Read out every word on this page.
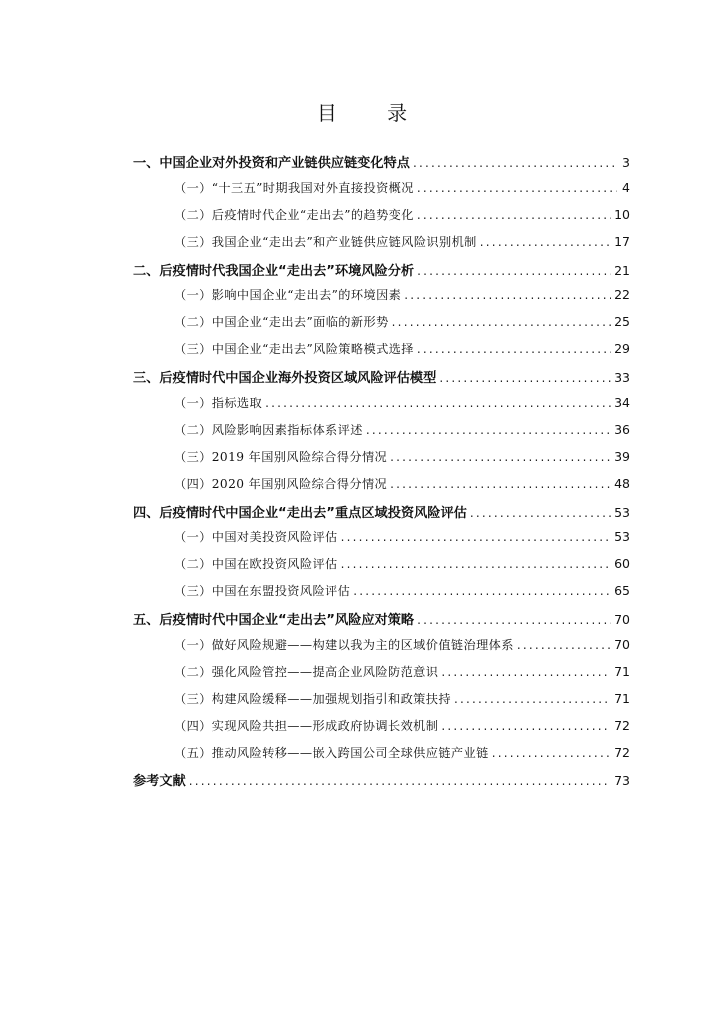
目 录
一、中国企业对外投资和产业链供应链变化特点 .....	3
（一）“十三五”时期我国对外直接投资概况 .....	4
（二）后疫情时代企业“走出去”的趋势变化 .....	10
（三）我国企业“走出去”和产业链供应链风险识别机制 .....	17
二、后疫情时代我国企业“走出去”环境风险分析 .....	21
（一）影响中国企业“走出去”的环境因素 .....	22
（二）中国企业“走出去”面临的新形势 .....	25
（三）中国企业“走出去”风险策略模式选择 .....	29
三、后疫情时代中国企业海外投资区域风险评估模型 .....	33
（一）指标选取 .....	34
（二）风险影响因素指标体系评述 .....	36
（三）2019 年国别风险综合得分情况 .....	39
（四）2020 年国别风险综合得分情况 .....	48
四、后疫情时代中国企业“走出去”重点区域投资风险评估 .....	53
（一）中国对美投资风险评估 .....	53
（二）中国在欧投资风险评估 .....	60
（三）中国在东盟投资风险评估 .....	65
五、后疫情时代中国企业“走出去”风险应对策略 .....	70
（一）做好风险规避——构建以我为主的区域价值链治理体系 .....	70
（二）强化风险管控——提高企业风险防范意识 .....	71
（三）构建风险缓释——加强规划指引和政策扶持 .....	71
（四）实现风险共担——形成政府协调长效机制 .....	72
（五）推动风险转移——嵌入跨国公司全球供应链产业链 .....	72
参考文献 .....	73
